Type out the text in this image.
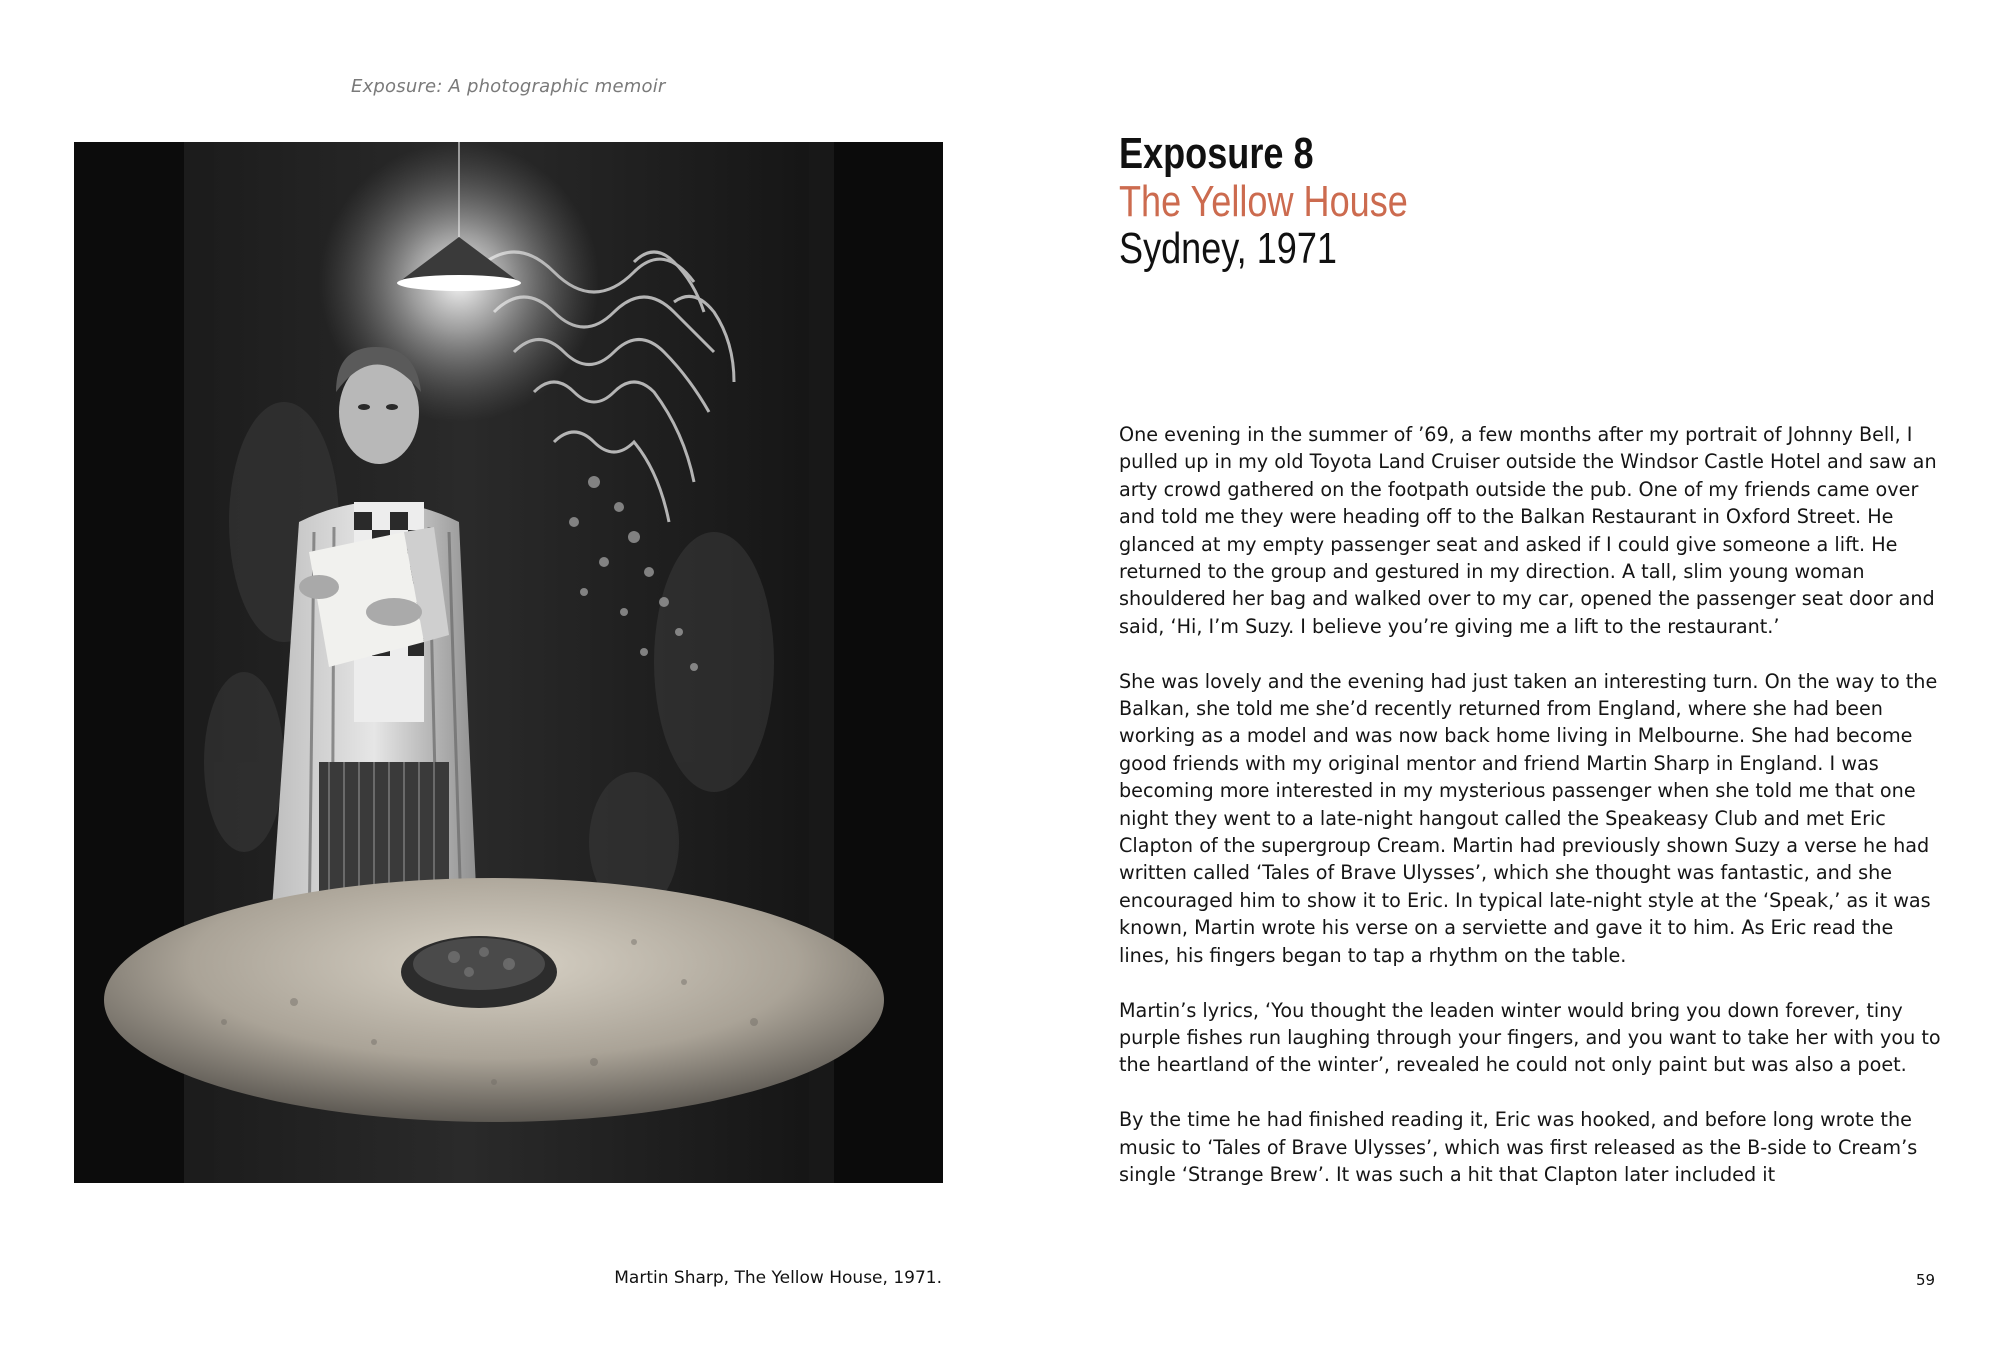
Exposure: A photographic memoir
Martin Sharp, The Yellow House, 1971.
Exposure 8
The Yellow House
Sydney, 1971

One evening in the summer of ’69, a few months after my portrait of Johnny Bell, I pulled up in my old Toyota Land Cruiser outside the Windsor Castle Hotel and saw an arty crowd gathered on the footpath outside the pub. One of my friends came over and told me they were heading off to the Balkan Restaurant in Oxford Street. He glanced at my empty passenger seat and asked if I could give someone a lift. He returned to the group and gestured in my direction. A tall, slim young woman shouldered her bag and walked over to my car, opened the passenger seat door and said, ‘Hi, I’m Suzy. I believe you’re giving me a lift to the restaurant.’

She was lovely and the evening had just taken an interesting turn. On the way to the Balkan, she told me she’d recently returned from England, where she had been working as a model and was now back home living in Melbourne. She had become good friends with my original mentor and friend Martin Sharp in England. I was becoming more interested in my mysterious passenger when she told me that one night they went to a late-night hangout called the Speakeasy Club and met Eric Clapton of the supergroup Cream. Martin had previously shown Suzy a verse he had written called ‘Tales of Brave Ulysses’, which she thought was fantastic, and she encouraged him to show it to Eric. In typical late-night style at the ‘Speak,’ as it was known, Martin wrote his verse on a serviette and gave it to him. As Eric read the lines, his fingers began to tap a rhythm on the table.

Martin’s lyrics, ‘You thought the leaden winter would bring you down forever, tiny purple fishes run laughing through your fingers, and you want to take her with you to the heartland of the winter’, revealed he could not only paint but was also a poet.

By the time he had finished reading it, Eric was hooked, and before long wrote the music to ‘Tales of Brave Ulysses’, which was first released as the B-side to Cream’s single ‘Strange Brew’. It was such a hit that Clapton later included it

59
